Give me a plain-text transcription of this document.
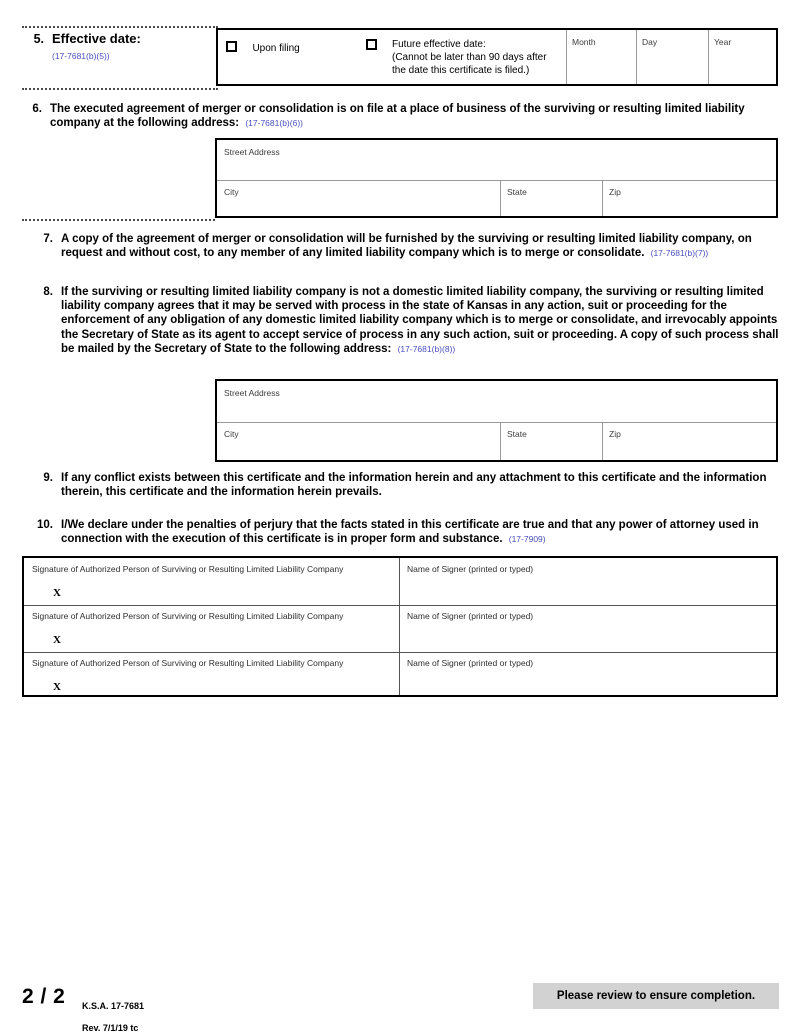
5. Effective date:
(17-7681(b)(5))
Upon filing	Future effective date:
(Cannot be later than 90 days after
the date this certificate is filed.)
Month	Day	Year
6. The executed agreement of merger or consolidation is on file at a place of business of the surviving or resulting limited liability company at the following address: (17-7681(b)(6))
Street Address
City	State	Zip
7. A copy of the agreement of merger or consolidation will be furnished by the surviving or resulting limited liability company, on request and without cost, to any member of any limited liability company which is to merge or consolidate. (17-7681(b)(7))
8. If the surviving or resulting limited liability company is not a domestic limited liability company, the surviving or resulting limited liability company agrees that it may be served with process in the state of Kansas in any action, suit or proceeding for the enforcement of any obligation of any domestic limited liability company which is to merge or consolidate, and irrevocably appoints the Secretary of State as its agent to accept service of process in any such action, suit or proceeding. A copy of such process shall be mailed by the Secretary of State to the following address: (17-7681(b)(8))
Street Address
City	State	Zip
9. If any conflict exists between this certificate and the information herein and any attachment to this certificate and the information therein, this certificate and the information herein prevails.
10. I/We declare under the penalties of perjury that the facts stated in this certificate are true and that any power of attorney used in connection with the execution of this certificate is in proper form and substance. (17-7909)
Signature of Authorized Person of Surviving or Resulting Limited Liability Company	Name of Signer (printed or typed)
X
Signature of Authorized Person of Surviving or Resulting Limited Liability Company	Name of Signer (printed or typed)
X
Signature of Authorized Person of Surviving or Resulting Limited Liability Company	Name of Signer (printed or typed)
X
2 / 2 K.S.A. 17-7681

Rev. 7/1/19 tc

Please review to ensure completion.
